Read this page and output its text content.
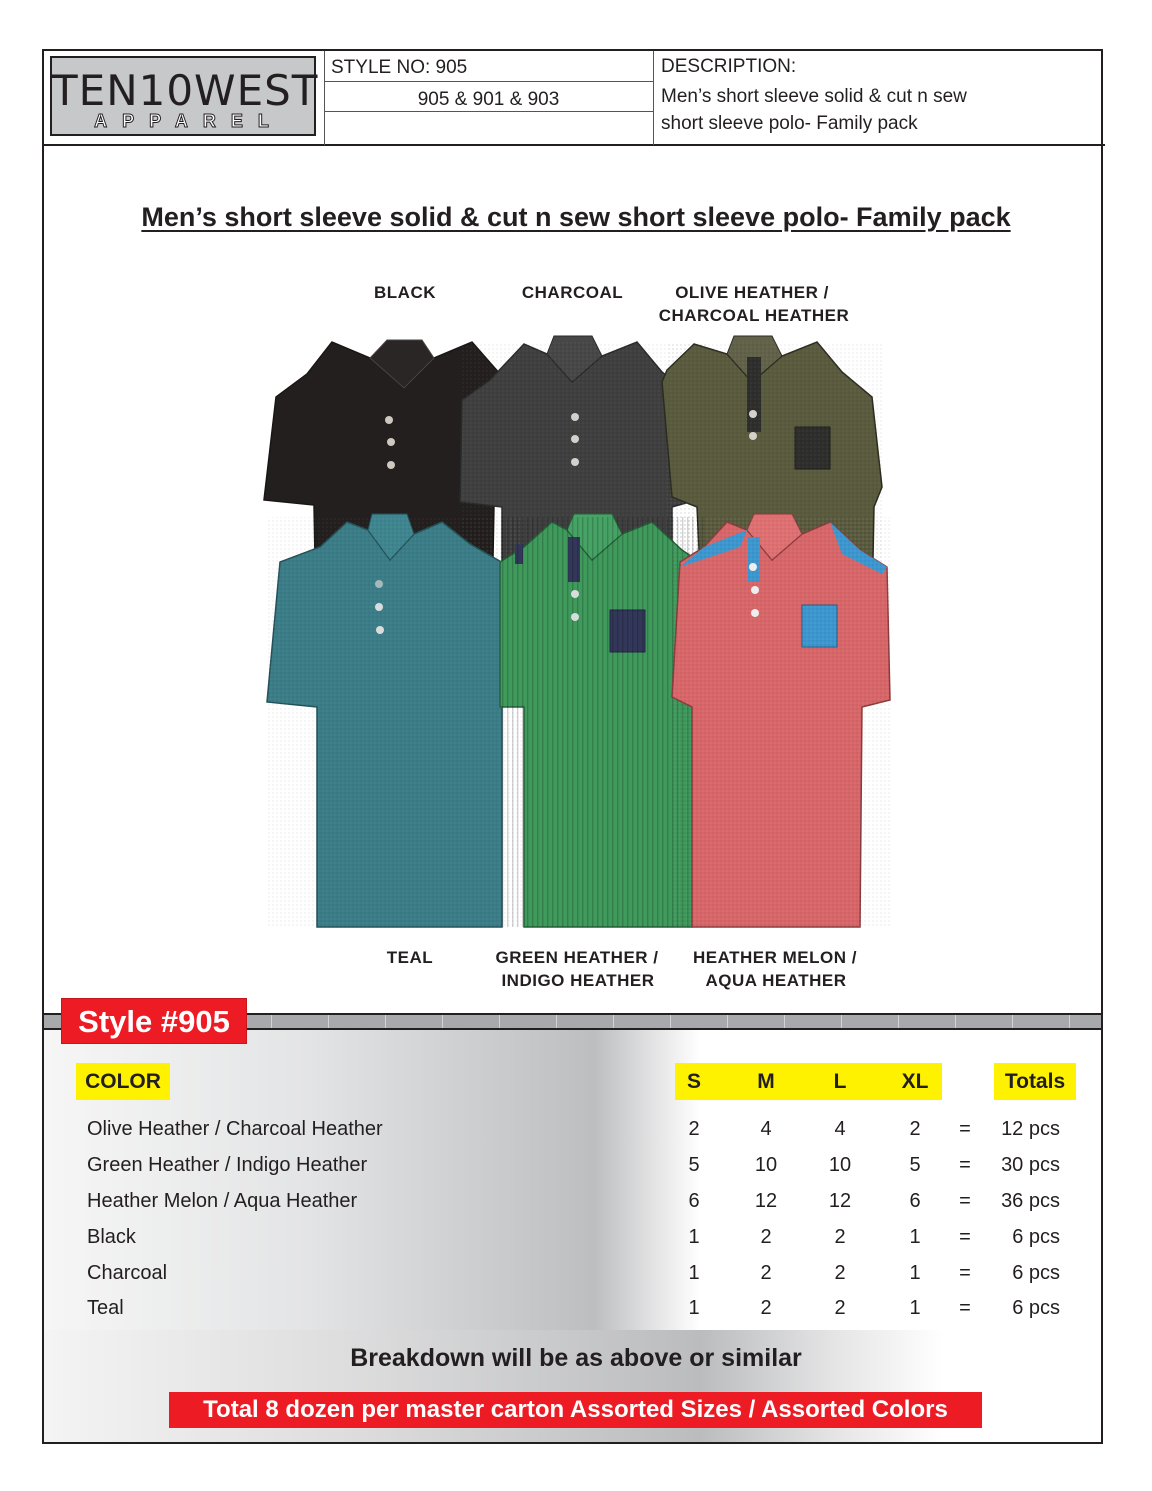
TEN10WEST
APPAREL
STYLE NO: 905
905 & 901 & 903
DESCRIPTION:
Men’s short sleeve solid & cut n sew
short sleeve polo- Family pack
Men’s short sleeve solid & cut n sew short sleeve polo- Family pack
BLACK	CHARCOAL	OLIVE HEATHER /
CHARCOAL HEATHER
TEAL	GREEN HEATHER /
INDIGO HEATHER
HEATHER MELON /
AQUA HEATHER
Style #905
COLOR	S	M	L	XL	Totals
Olive Heather / Charcoal Heather	2	4	4	2	=	12 pcs
Green Heather / Indigo Heather	5	10	10	5	=	30 pcs
Heather Melon / Aqua Heather	6	12	12	6	=	36 pcs
Black	1	2	2	1	=	6 pcs
Charcoal	1	2	2	1	=	6 pcs
Teal	1	2	2	1	=	6 pcs
Breakdown will be as above or similar
Total 8 dozen per master carton Assorted Sizes / Assorted Colors
